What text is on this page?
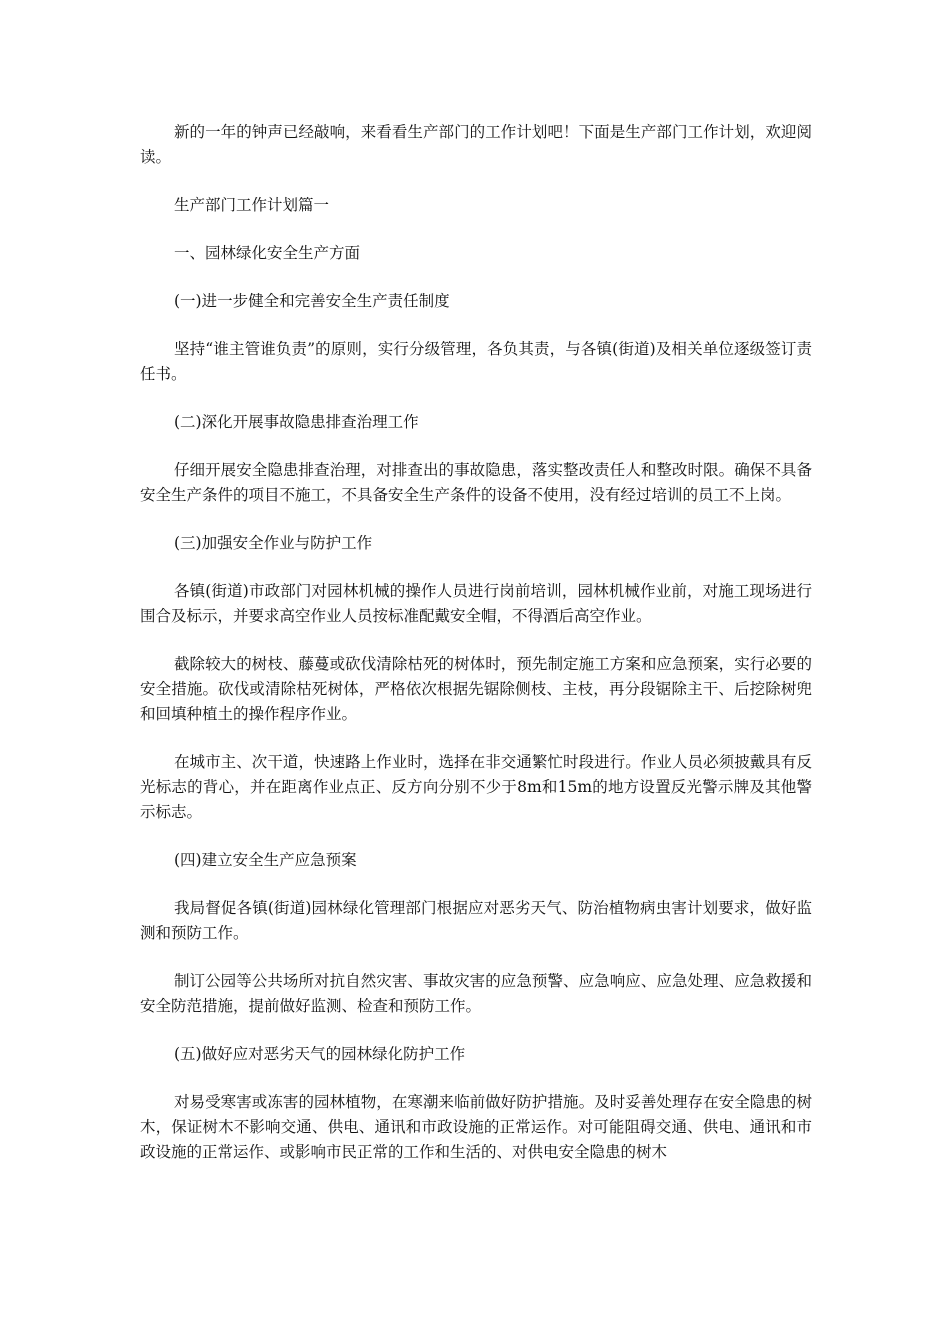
新的一年的钟声已经敲响，来看看生产部门的工作计划吧！下面是生产部门工作计划，欢迎阅读。

生产部门工作计划篇一

一、园林绿化安全生产方面

(一)进一步健全和完善安全生产责任制度

坚持“谁主管谁负责”的原则，实行分级管理，各负其责，与各镇(街道)及相关单位逐级签订责任书。

(二)深化开展事故隐患排查治理工作

仔细开展安全隐患排查治理，对排查出的事故隐患，落实整改责任人和整改时限。确保不具备安全生产条件的项目不施工，不具备安全生产条件的设备不使用，没有经过培训的员工不上岗。

(三)加强安全作业与防护工作

各镇(街道)市政部门对园林机械的操作人员进行岗前培训，园林机械作业前，对施工现场进行围合及标示，并要求高空作业人员按标准配戴安全帽，不得酒后高空作业。

截除较大的树枝、藤蔓或砍伐清除枯死的树体时，预先制定施工方案和应急预案，实行必要的安全措施。砍伐或清除枯死树体，严格依次根据先锯除侧枝、主枝，再分段锯除主干、后挖除树兜和回填种植土的操作程序作业。

在城市主、次干道，快速路上作业时，选择在非交通繁忙时段进行。作业人员必须披戴具有反光标志的背心，并在距离作业点正、反方向分别不少于8m和15m的地方设置反光警示牌及其他警示标志。

(四)建立安全生产应急预案

我局督促各镇(街道)园林绿化管理部门根据应对恶劣天气、防治植物病虫害计划要求，做好监测和预防工作。

制订公园等公共场所对抗自然灾害、事故灾害的应急预警、应急响应、应急处理、应急救援和安全防范措施，提前做好监测、检查和预防工作。

(五)做好应对恶劣天气的园林绿化防护工作

对易受寒害或冻害的园林植物，在寒潮来临前做好防护措施。及时妥善处理存在安全隐患的树木，保证树木不影响交通、供电、通讯和市政设施的正常运作。对可能阻碍交通、供电、通讯和市政设施的正常运作、或影响市民正常的工作和生活的、对供电安全隐患的树木
